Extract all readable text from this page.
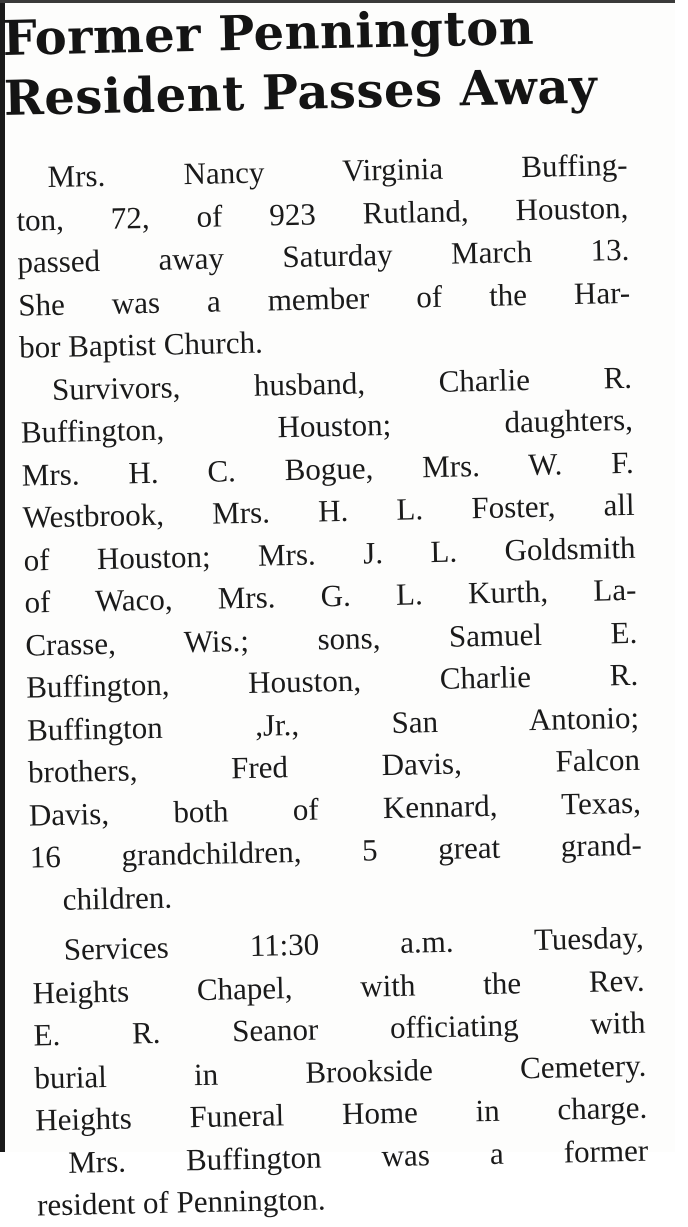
Former Pennington
Resident Passes Away
Mrs. Nancy Virginia Buffing-
ton, 72, of 923 Rutland, Houston,
passed away Saturday March 13.
She was a member of the Har-
bor Baptist Church.
Survivors, husband, Charlie R.
Buffington, Houston; daughters,
Mrs. H. C. Bogue, Mrs. W. F.
Westbrook, Mrs. H. L. Foster, all
of Houston; Mrs. J. L. Goldsmith
of Waco, Mrs. G. L. Kurth, La-
Crasse, Wis.; sons, Samuel E.
Buffington, Houston, Charlie R.
Buffington ,Jr., San Antonio;
brothers, Fred Davis, Falcon
Davis, both of Kennard, Texas,
16 grandchildren, 5 great grand-
children.
Services 11:30 a.m. Tuesday,
Heights Chapel, with the Rev.
E. R. Seanor officiating with
burial in Brookside Cemetery.
Heights Funeral Home in charge.
Mrs. Buffington was a former
resident of Pennington.
